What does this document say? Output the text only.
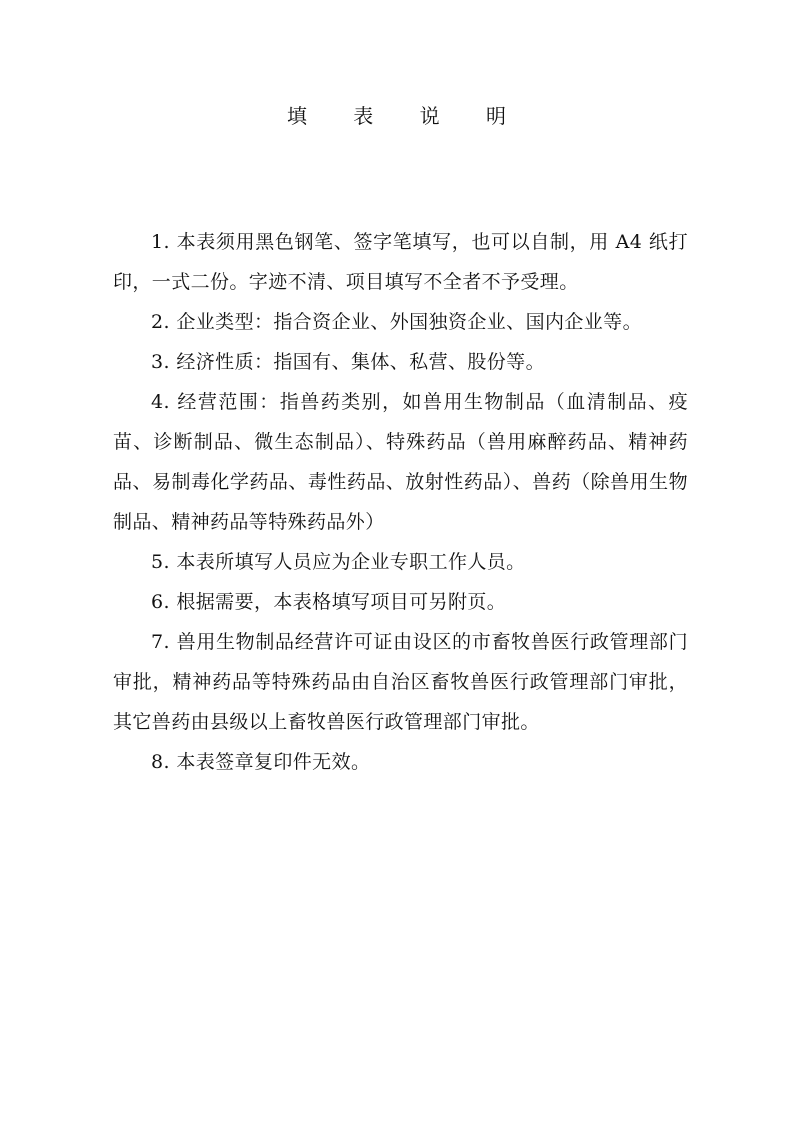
填 表 说 明

1. 本表须用黑色钢笔、签字笔填写，也可以自制，用 A4 纸打印，一式二份。字迹不清、项目填写不全者不予受理。

2. 企业类型：指合资企业、外国独资企业、国内企业等。

3. 经济性质：指国有、集体、私营、股份等。

4. 经营范围：指兽药类别，如兽用生物制品（血清制品、疫苗、诊断制品、微生态制品）、特殊药品（兽用麻醉药品、精神药品、易制毒化学药品、毒性药品、放射性药品）、兽药（除兽用生物制品、精神药品等特殊药品外）

5. 本表所填写人员应为企业专职工作人员。

6. 根据需要，本表格填写项目可另附页。

7. 兽用生物制品经营许可证由设区的市畜牧兽医行政管理部门审批，精神药品等特殊药品由自治区畜牧兽医行政管理部门审批，其它兽药由县级以上畜牧兽医行政管理部门审批。

8. 本表签章复印件无效。
